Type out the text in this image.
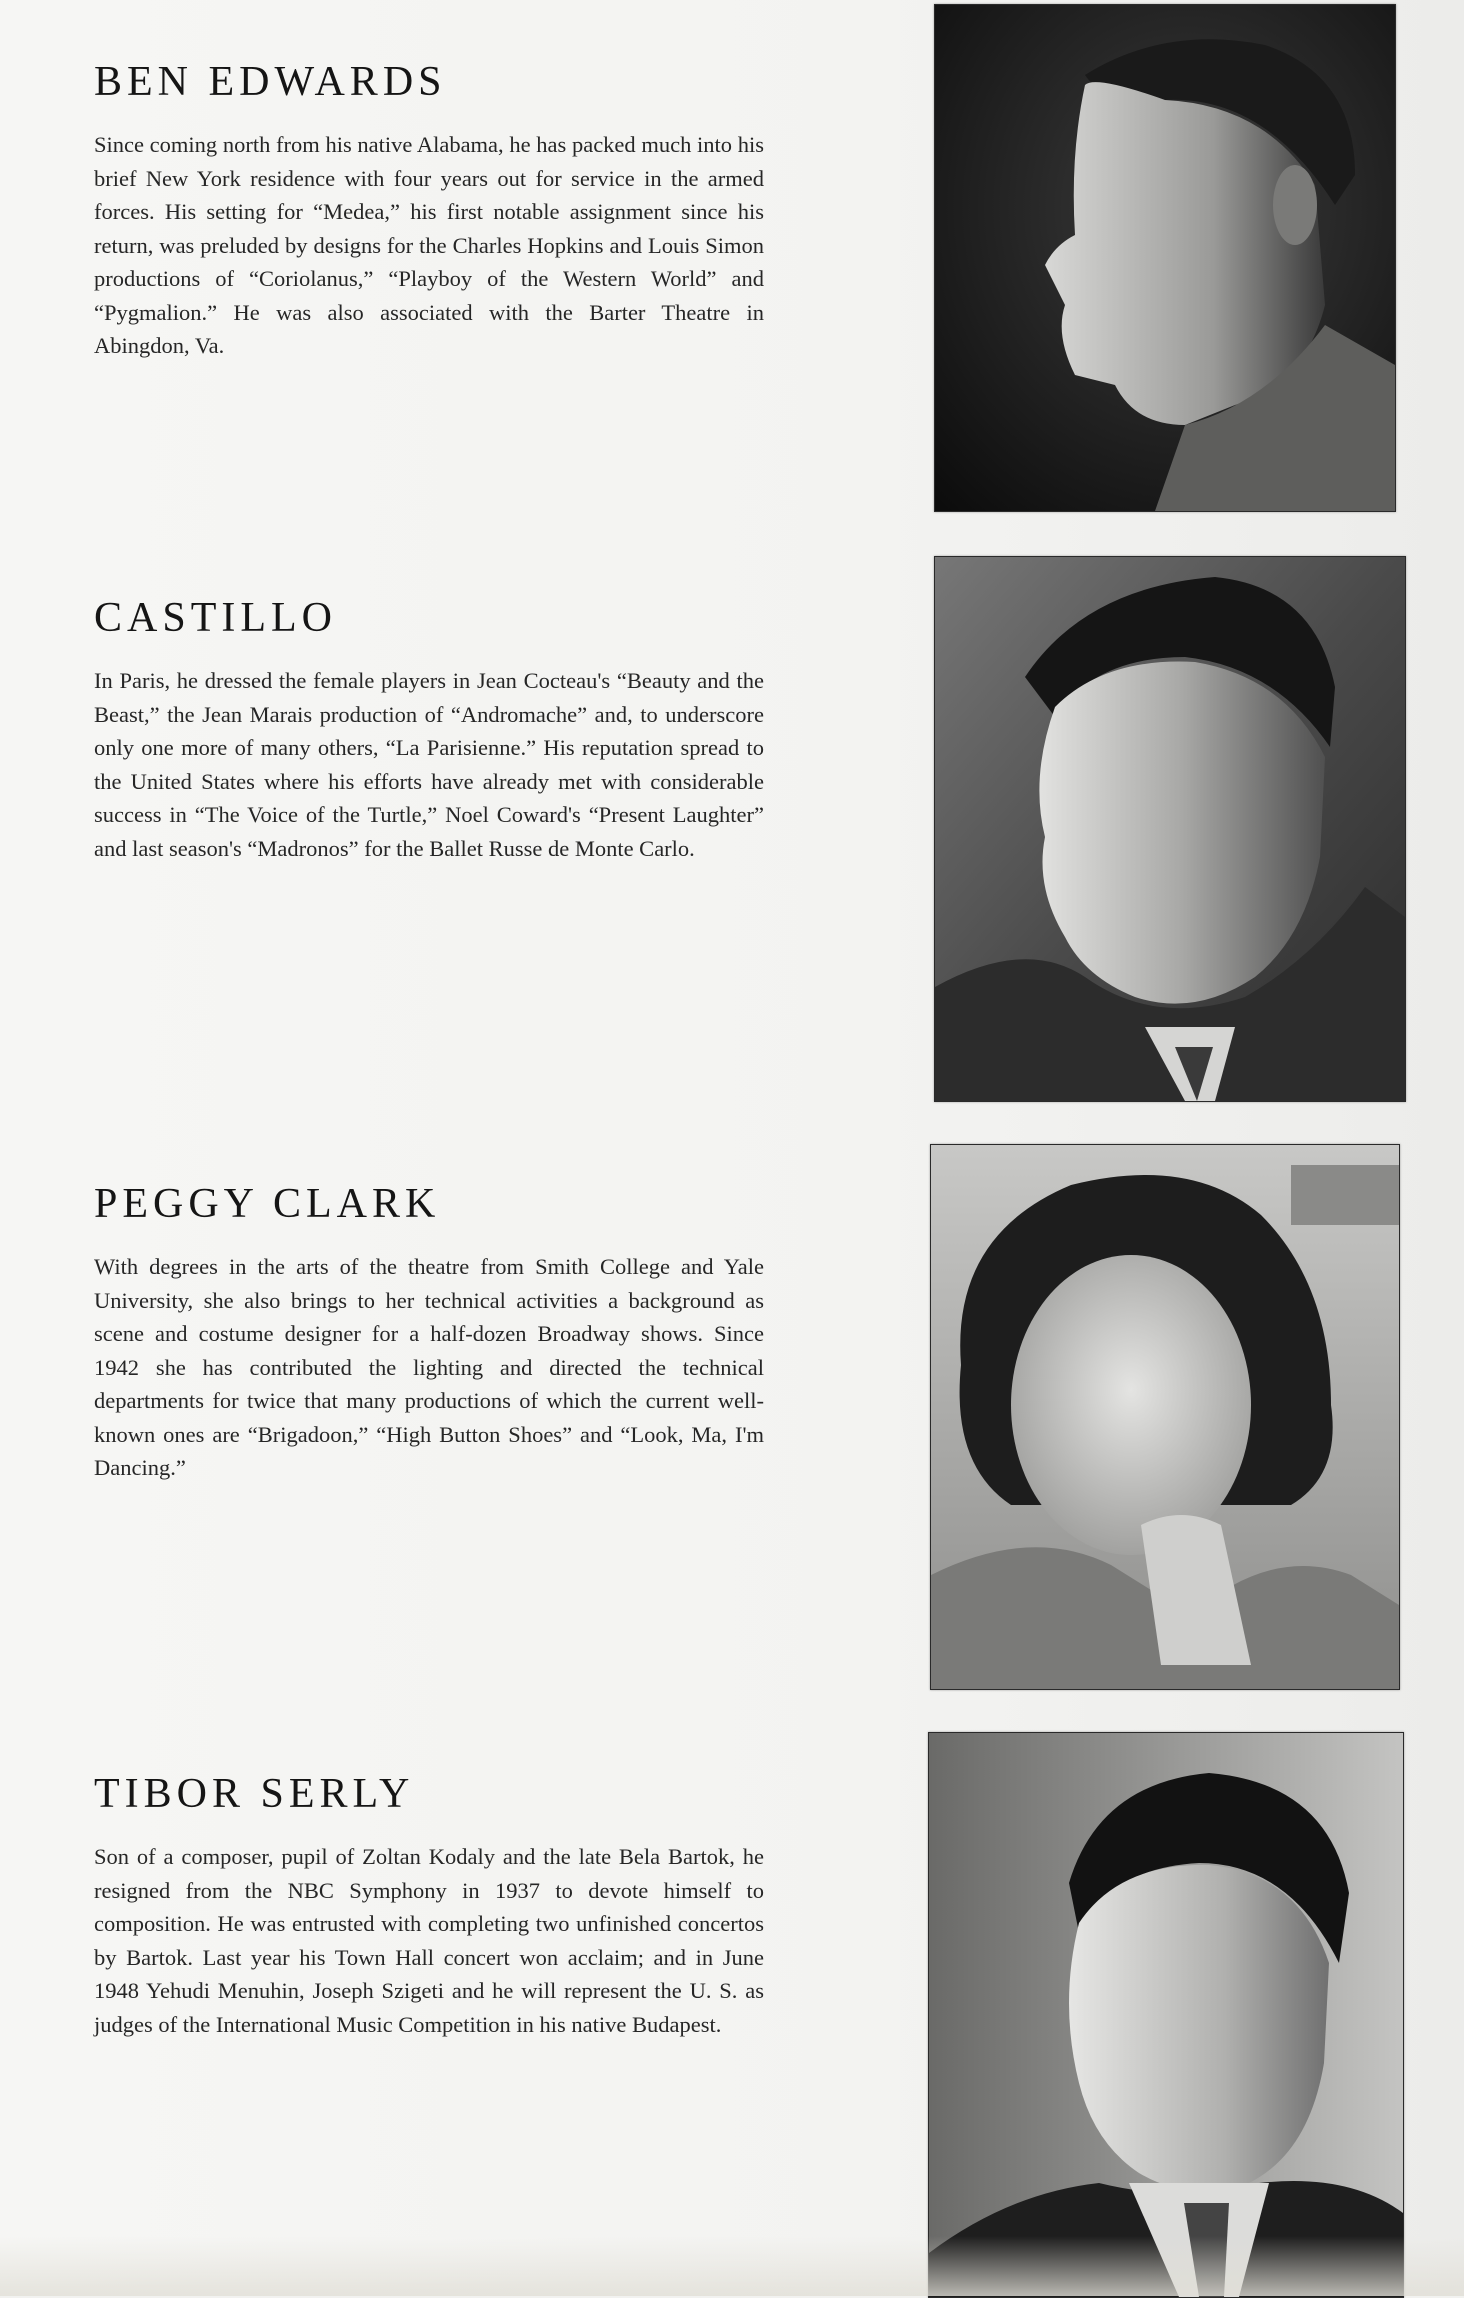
BEN EDWARDS

Since coming north from his native Alabama, he has packed much into his brief New York residence with four years out for service in the armed forces. His setting for “Medea,” his first notable assignment since his return, was preluded by designs for the Charles Hopkins and Louis Simon productions of “Coriolanus,” “Playboy of the Western World” and “Pygmalion.” He was also associated with the Barter Theatre in Abingdon, Va.

CASTILLO

In Paris, he dressed the female players in Jean Cocteau's “Beauty and the Beast,” the Jean Marais production of “Andromache” and, to underscore only one more of many others, “La Parisienne.” His reputation spread to the United States where his efforts have already met with considerable success in “The Voice of the Turtle,” Noel Coward's “Present Laughter” and last season's “Madronos” for the Ballet Russe de Monte Carlo.

PEGGY CLARK

With degrees in the arts of the theatre from Smith College and Yale University, she also brings to her technical activities a background as scene and costume designer for a half-dozen Broadway shows. Since 1942 she has contributed the lighting and directed the technical departments for twice that many productions of which the current well-known ones are “Brigadoon,” “High Button Shoes” and “Look, Ma, I'm Dancing.”

TIBOR SERLY

Son of a composer, pupil of Zoltan Kodaly and the late Bela Bartok, he resigned from the NBC Symphony in 1937 to devote himself to composition. He was entrusted with completing two unfinished concertos by Bartok. Last year his Town Hall concert won acclaim; and in June 1948 Yehudi Menuhin, Joseph Szigeti and he will represent the U. S. as judges of the International Music Competition in his native Budapest.
